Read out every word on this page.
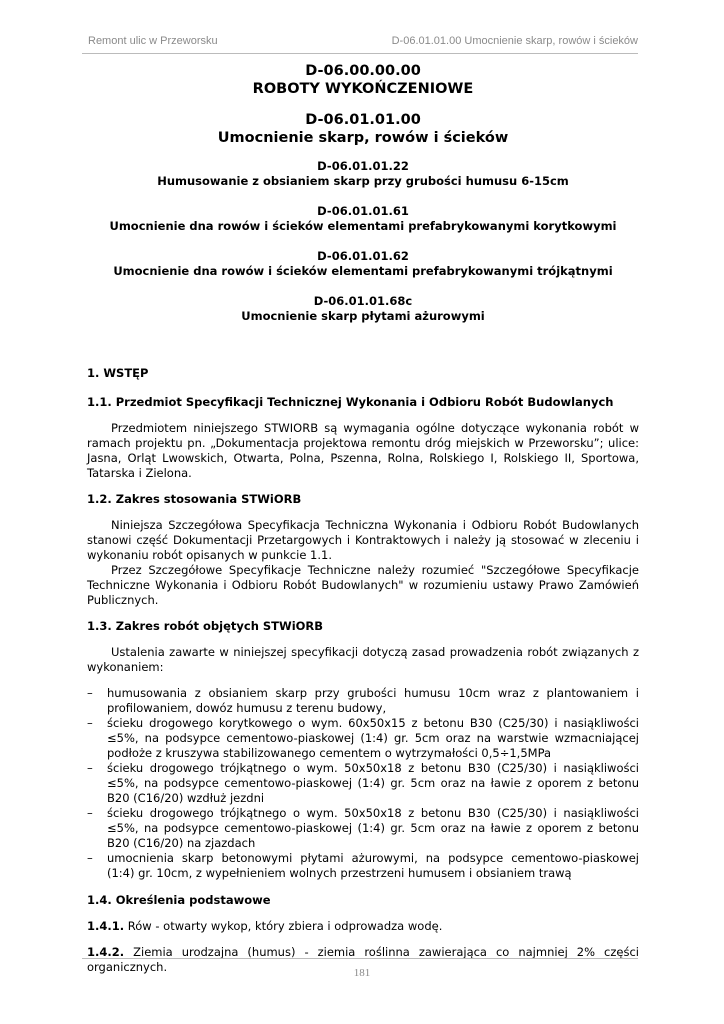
Remont ulic w Przeworsku	D-06.01.01.00 Umocnienie skarp, rowów i ścieków
D-06.00.00.00
ROBOTY WYKOŃCZENIOWE
D-06.01.01.00
Umocnienie skarp, rowów i ścieków
D-06.01.01.22
Humusowanie z obsianiem skarp przy grubości humusu 6-15cm
D-06.01.01.61
Umocnienie dna rowów i ścieków elementami prefabrykowanymi korytkowymi
D-06.01.01.62
Umocnienie dna rowów i ścieków elementami prefabrykowanymi trójkątnymi
D-06.01.01.68c
Umocnienie skarp płytami ażurowymi
1. WSTĘP
1.1. Przedmiot Specyfikacji Technicznej Wykonania i Odbioru Robót Budowlanych

Przedmiotem niniejszego STWIORB są wymagania ogólne dotyczące wykonania robót w ramach projektu pn. „Dokumentacja projektowa remontu dróg miejskich w Przeworsku”; ulice: Jasna, Orląt Lwowskich, Otwarta, Polna, Pszenna, Rolna, Rolskiego I, Rolskiego II, Sportowa, Tatarska i Zielona.

1.2. Zakres stosowania STWiORB

Niniejsza Szczegółowa Specyfikacja Techniczna Wykonania i Odbioru Robót Budowlanych stanowi część Dokumentacji Przetargowych i Kontraktowych i należy ją stosować w zleceniu i wykonaniu robót opisanych w punkcie 1.1.

Przez Szczegółowe Specyfikacje Techniczne należy rozumieć "Szczegółowe Specyfikacje Techniczne Wykonania i Odbioru Robót Budowlanych" w rozumieniu ustawy Prawo Zamówień Publicznych.

1.3. Zakres robót objętych STWiORB

Ustalenia zawarte w niniejszej specyfikacji dotyczą zasad prowadzenia robót związanych z wykonaniem:

– humusowania z obsianiem skarp przy grubości humusu 10cm wraz z plantowaniem i profilowaniem, dowóz humusu z terenu budowy,
– ścieku drogowego korytkowego o wym. 60x50x15 z betonu B30 (C25/30) i nasiąkliwości ≤5%, na podsypce cementowo-piaskowej (1:4) gr. 5cm oraz na warstwie wzmacniającej podłoże z kruszywa stabilizowanego cementem o wytrzymałości 0,5÷1,5MPa
– ścieku drogowego trójkątnego o wym. 50x50x18 z betonu B30 (C25/30) i nasiąkliwości ≤5%, na podsypce cementowo-piaskowej (1:4) gr. 5cm oraz na ławie z oporem z betonu B20 (C16/20) wzdłuż jezdni
– ścieku drogowego trójkątnego o wym. 50x50x18 z betonu B30 (C25/30) i nasiąkliwości ≤5%, na podsypce cementowo-piaskowej (1:4) gr. 5cm oraz na ławie z oporem z betonu B20 (C16/20) na zjazdach
– umocnienia skarp betonowymi płytami ażurowymi, na podsypce cementowo-piaskowej (1:4) gr. 10cm, z wypełnieniem wolnych przestrzeni humusem i obsianiem trawą
1.4. Określenia podstawowe

1.4.1. Rów - otwarty wykop, który zbiera i odprowadza wodę.

1.4.2. Ziemia urodzajna (humus) - ziemia roślinna zawierająca co najmniej 2% części organicznych.	181
